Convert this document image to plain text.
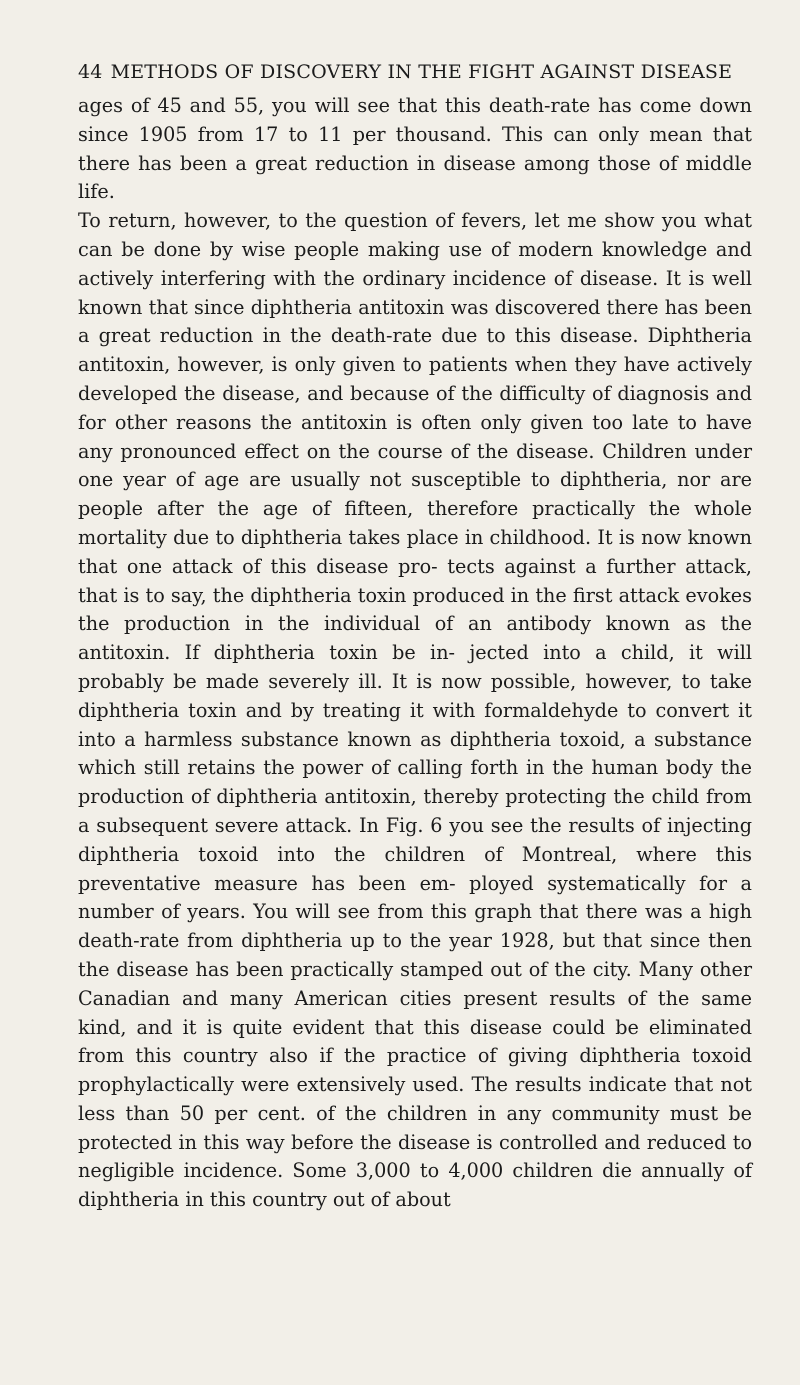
44 METHODS OF DISCOVERY IN THE FIGHT AGAINST DISEASE

ages of 45 and 55, you will see that this death-rate has come down since 1905 from 17 to 11 per thousand. This can only mean that there has been a great reduction in disease among those of middle life.

To return, however, to the question of fevers, let me show you what can be done by wise people making use of modern knowledge and actively interfering with the ordinary incidence of disease. It is well known that since diphtheria antitoxin was discovered there has been a great reduction in the death-rate due to this disease. Diphtheria antitoxin, however, is only given to patients when they have actively developed the disease, and because of the difficulty of diagnosis and for other reasons the antitoxin is often only given too late to have any pronounced effect on the course of the disease. Children under one year of age are usually not susceptible to diphtheria, nor are people after the age of fifteen, therefore practically the whole mortality due to diphtheria takes place in childhood. It is now known that one attack of this disease pro- tects against a further attack, that is to say, the diphtheria toxin produced in the first attack evokes the production in the individual of an antibody known as the antitoxin. If diphtheria toxin be in- jected into a child, it will probably be made severely ill. It is now possible, however, to take diphtheria toxin and by treating it with formaldehyde to convert it into a harmless substance known as diphtheria toxoid, a substance which still retains the power of calling forth in the human body the production of diphtheria antitoxin, thereby protecting the child from a subsequent severe attack. In Fig. 6 you see the results of injecting diphtheria toxoid into the children of Montreal, where this preventative measure has been em- ployed systematically for a number of years. You will see from this graph that there was a high death-rate from diphtheria up to the year 1928, but that since then the disease has been practically stamped out of the city. Many other Canadian and many American cities present results of the same kind, and it is quite evident that this disease could be eliminated from this country also if the practice of giving diphtheria toxoid prophylactically were extensively used. The results indicate that not less than 50 per cent. of the children in any community must be protected in this way before the disease is controlled and reduced to negligible incidence. Some 3,000 to 4,000 children die annually of diphtheria in this country out of about
